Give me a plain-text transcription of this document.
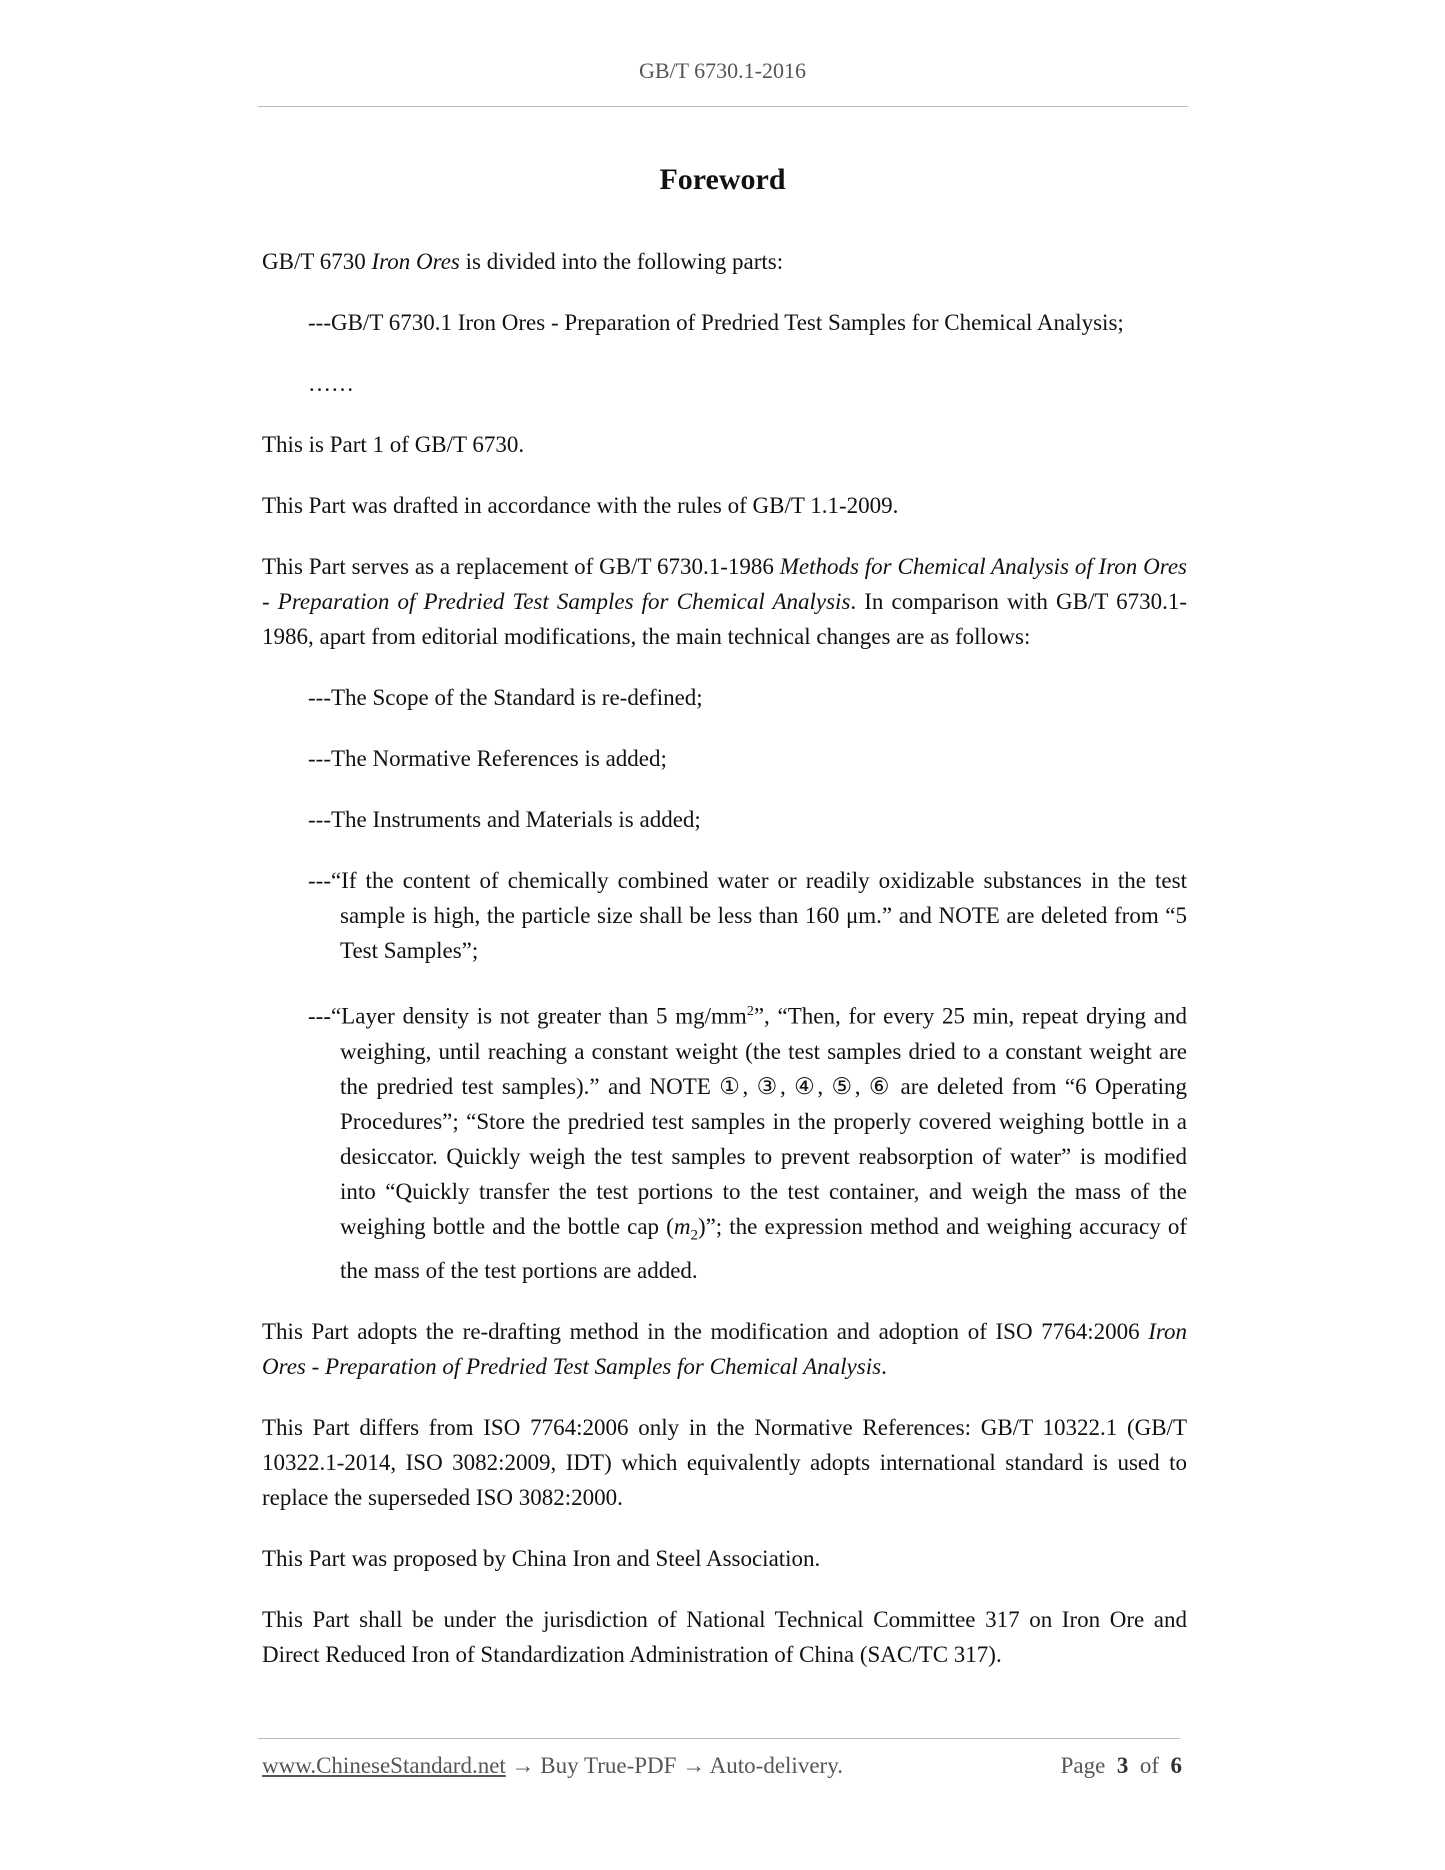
GB/T 6730.1-2016
Foreword

GB/T 6730 Iron Ores is divided into the following parts:

---GB/T 6730.1 Iron Ores - Preparation of Predried Test Samples for Chemical Analysis;

……

This is Part 1 of GB/T 6730.

This Part was drafted in accordance with the rules of GB/T 1.1-2009.

This Part serves as a replacement of GB/T 6730.1-1986 Methods for Chemical Analysis of Iron Ores - Preparation of Predried Test Samples for Chemical Analysis. In comparison with GB/T 6730.1-1986, apart from editorial modifications, the main technical changes are as follows:

---The Scope of the Standard is re-defined;

---The Normative References is added;

---The Instruments and Materials is added;

---“If the content of chemically combined water or readily oxidizable substances in the test sample is high, the particle size shall be less than 160 μm.” and NOTE are deleted from “5 Test Samples”;

---“Layer density is not greater than 5 $mg/mm^2$”, “Then, for every 25 min, repeat drying and weighing, until reaching a constant weight (the test samples dried to a constant weight are the predried test samples).” and NOTE ①, ③, ④, ⑤, ⑥ are deleted from “6 Operating Procedures”; “Store the predried test samples in the properly covered weighing bottle in a desiccator. Quickly weigh the test samples to prevent reabsorption of water” is modified into “Quickly transfer the test portions to the test container, and weigh the mass of the weighing bottle and the bottle cap $(m_2)$”; the expression method and weighing accuracy of the mass of the test portions are added.

This Part adopts the re-drafting method in the modification and adoption of ISO 7764:2006 Iron Ores - Preparation of Predried Test Samples for Chemical Analysis.

This Part differs from ISO 7764:2006 only in the Normative References: GB/T 10322.1 (GB/T 10322.1-2014, ISO 3082:2009, IDT) which equivalently adopts international standard is used to replace the superseded ISO 3082:2000.

This Part was proposed by China Iron and Steel Association.

This Part shall be under the jurisdiction of National Technical Committee 317 on Iron Ore and Direct Reduced Iron of Standardization Administration of China (SAC/TC 317).

www.ChineseStandard.net → Buy True-PDF → Auto-delivery.	Page 3 of 6
